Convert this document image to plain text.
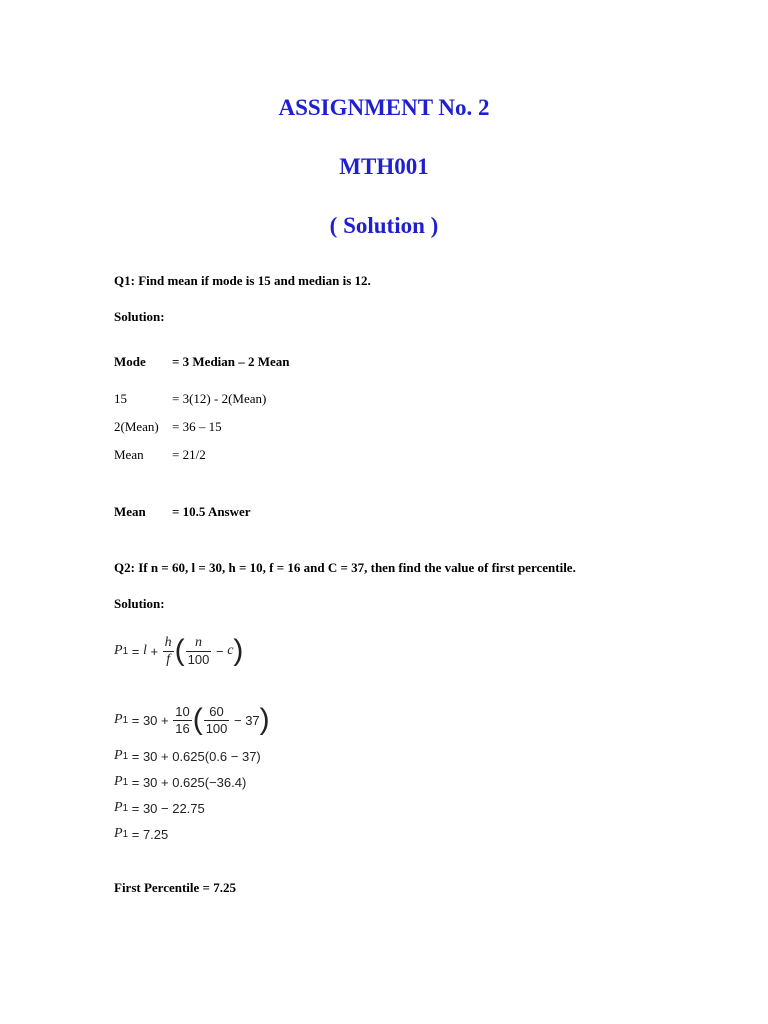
ASSIGNMENT No. 2
MTH001
( Solution )
Q1: Find mean if mode is 15 and median is 12.
Solution:
Mode = 3 Median – 2 Mean
15	= 3(12) - 2(Mean)
2(Mean) = 36 – 15
Mean = 21/2
Mean = 10.5 Answer
Q2: If n = 60, l = 30, h = 10, f = 16 and C = 37, then find the value of first percentile.
Solution:
P $1 = l + \frac{h}{f}$ ( $\frac{n}{100} - c$ )
P $1 = 30 + \frac{10}{16}$ ( $\frac{60}{100} - 37$ )
P 1 = 30 + 0.625(0.6 − 37)
P 1 = 30 + 0.625(−36.4)
P 1 = 30 − 22.75
P 1 = 7.25
First Percentile = 7.25
